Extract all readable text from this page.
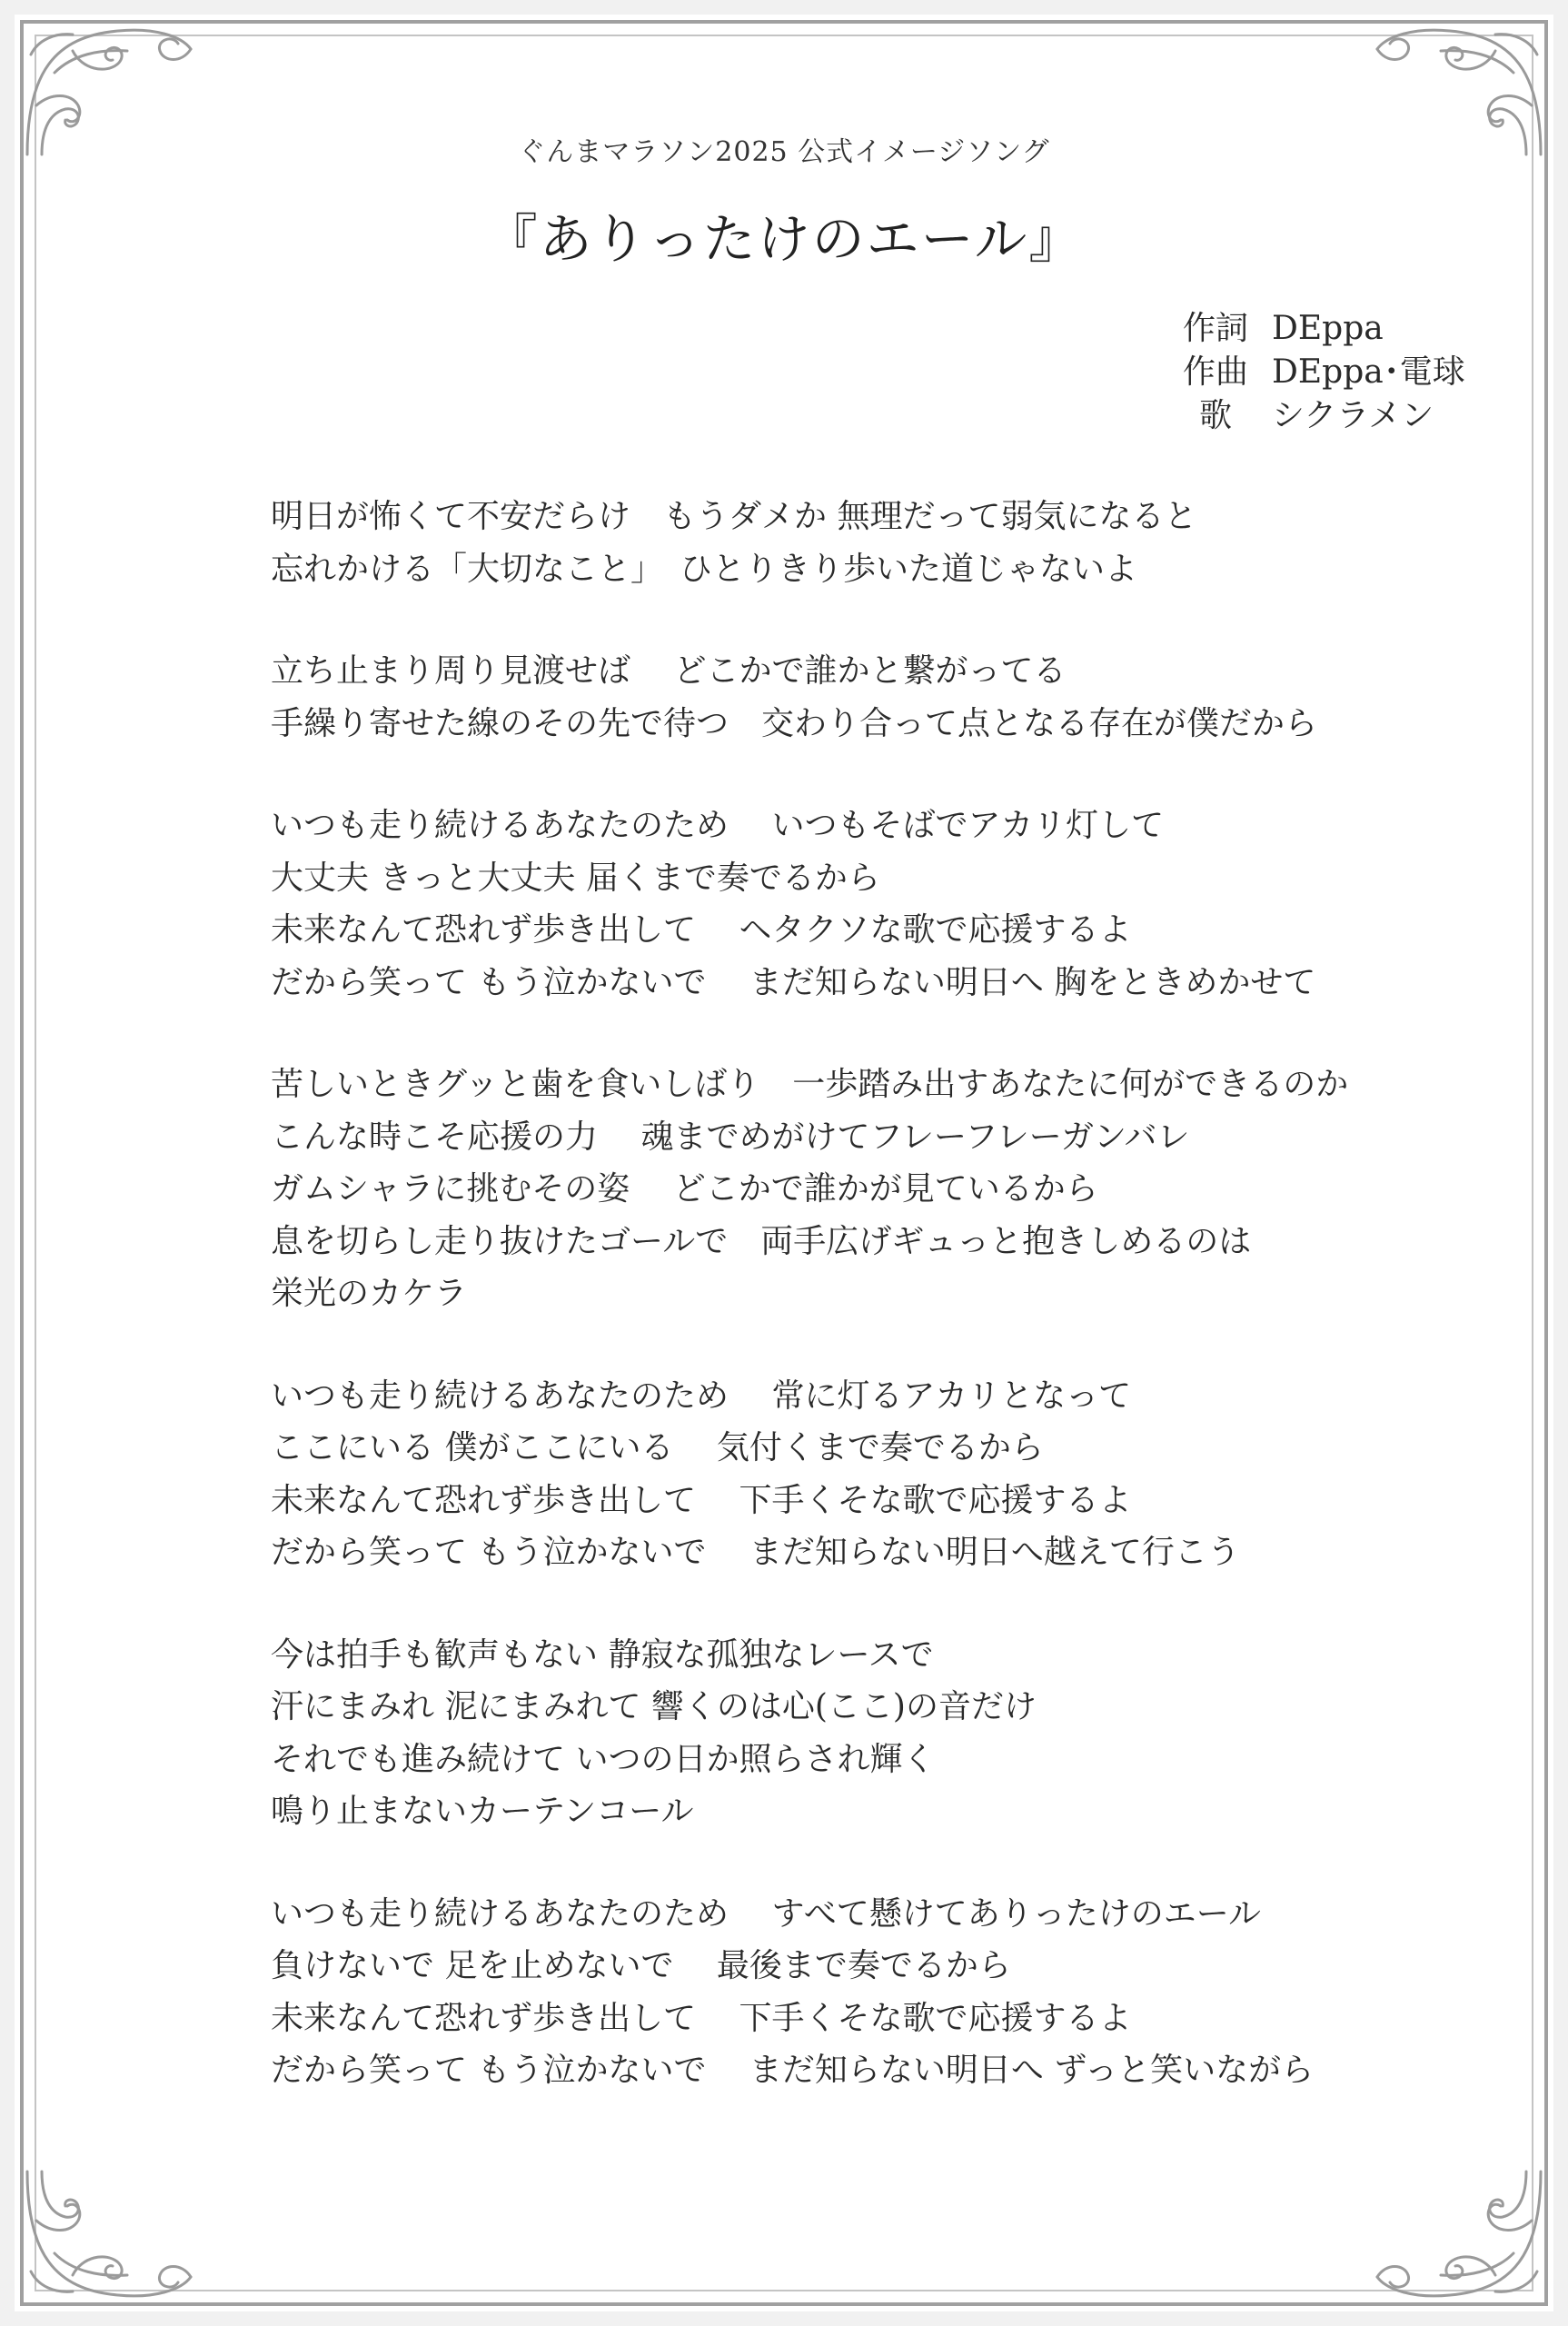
ぐんまマラソン2025 公式イメージソング
『ありったけのエール』
作詞 DEppa
作曲 DEppa･電球
歌	シクラメン
明日が怖くて不安だらけ　もうダメか 無理だって弱気になると
忘れかける「大切なこと」　ひとりきり歩いた道じゃないよ
立ち止まり周り見渡せば　 どこかで誰かと繋がってる
手繰り寄せた線のその先で待つ　交わり合って点となる存在が僕だから
いつも走り続けるあなたのため　 いつもそばでアカリ灯して
大丈夫 きっと大丈夫 届くまで奏でるから
未来なんて恐れず歩き出して　 ヘタクソな歌で応援するよ
だから笑って もう泣かないで　 まだ知らない明日へ 胸をときめかせて
苦しいときグッと歯を食いしばり　一歩踏み出すあなたに何ができるのか
こんな時こそ応援の力　 魂までめがけてフレーフレーガンバレ
ガムシャラに挑むその姿　 どこかで誰かが見ているから
息を切らし走り抜けたゴールで　両手広げギュっと抱きしめるのは
栄光のカケラ
いつも走り続けるあなたのため　 常に灯るアカリとなって
ここにいる 僕がここにいる　 気付くまで奏でるから
未来なんて恐れず歩き出して　 下手くそな歌で応援するよ
だから笑って もう泣かないで　 まだ知らない明日へ越えて行こう
今は拍手も歓声もない 静寂な孤独なレースで
汗にまみれ 泥にまみれて 響くのは心(ここ)の音だけ
それでも進み続けて いつの日か照らされ輝く
鳴り止まないカーテンコール
いつも走り続けるあなたのため　 すべて懸けてありったけのエール
負けないで 足を止めないで　 最後まで奏でるから
未来なんて恐れず歩き出して　 下手くそな歌で応援するよ
だから笑って もう泣かないで　 まだ知らない明日へ ずっと笑いながら
